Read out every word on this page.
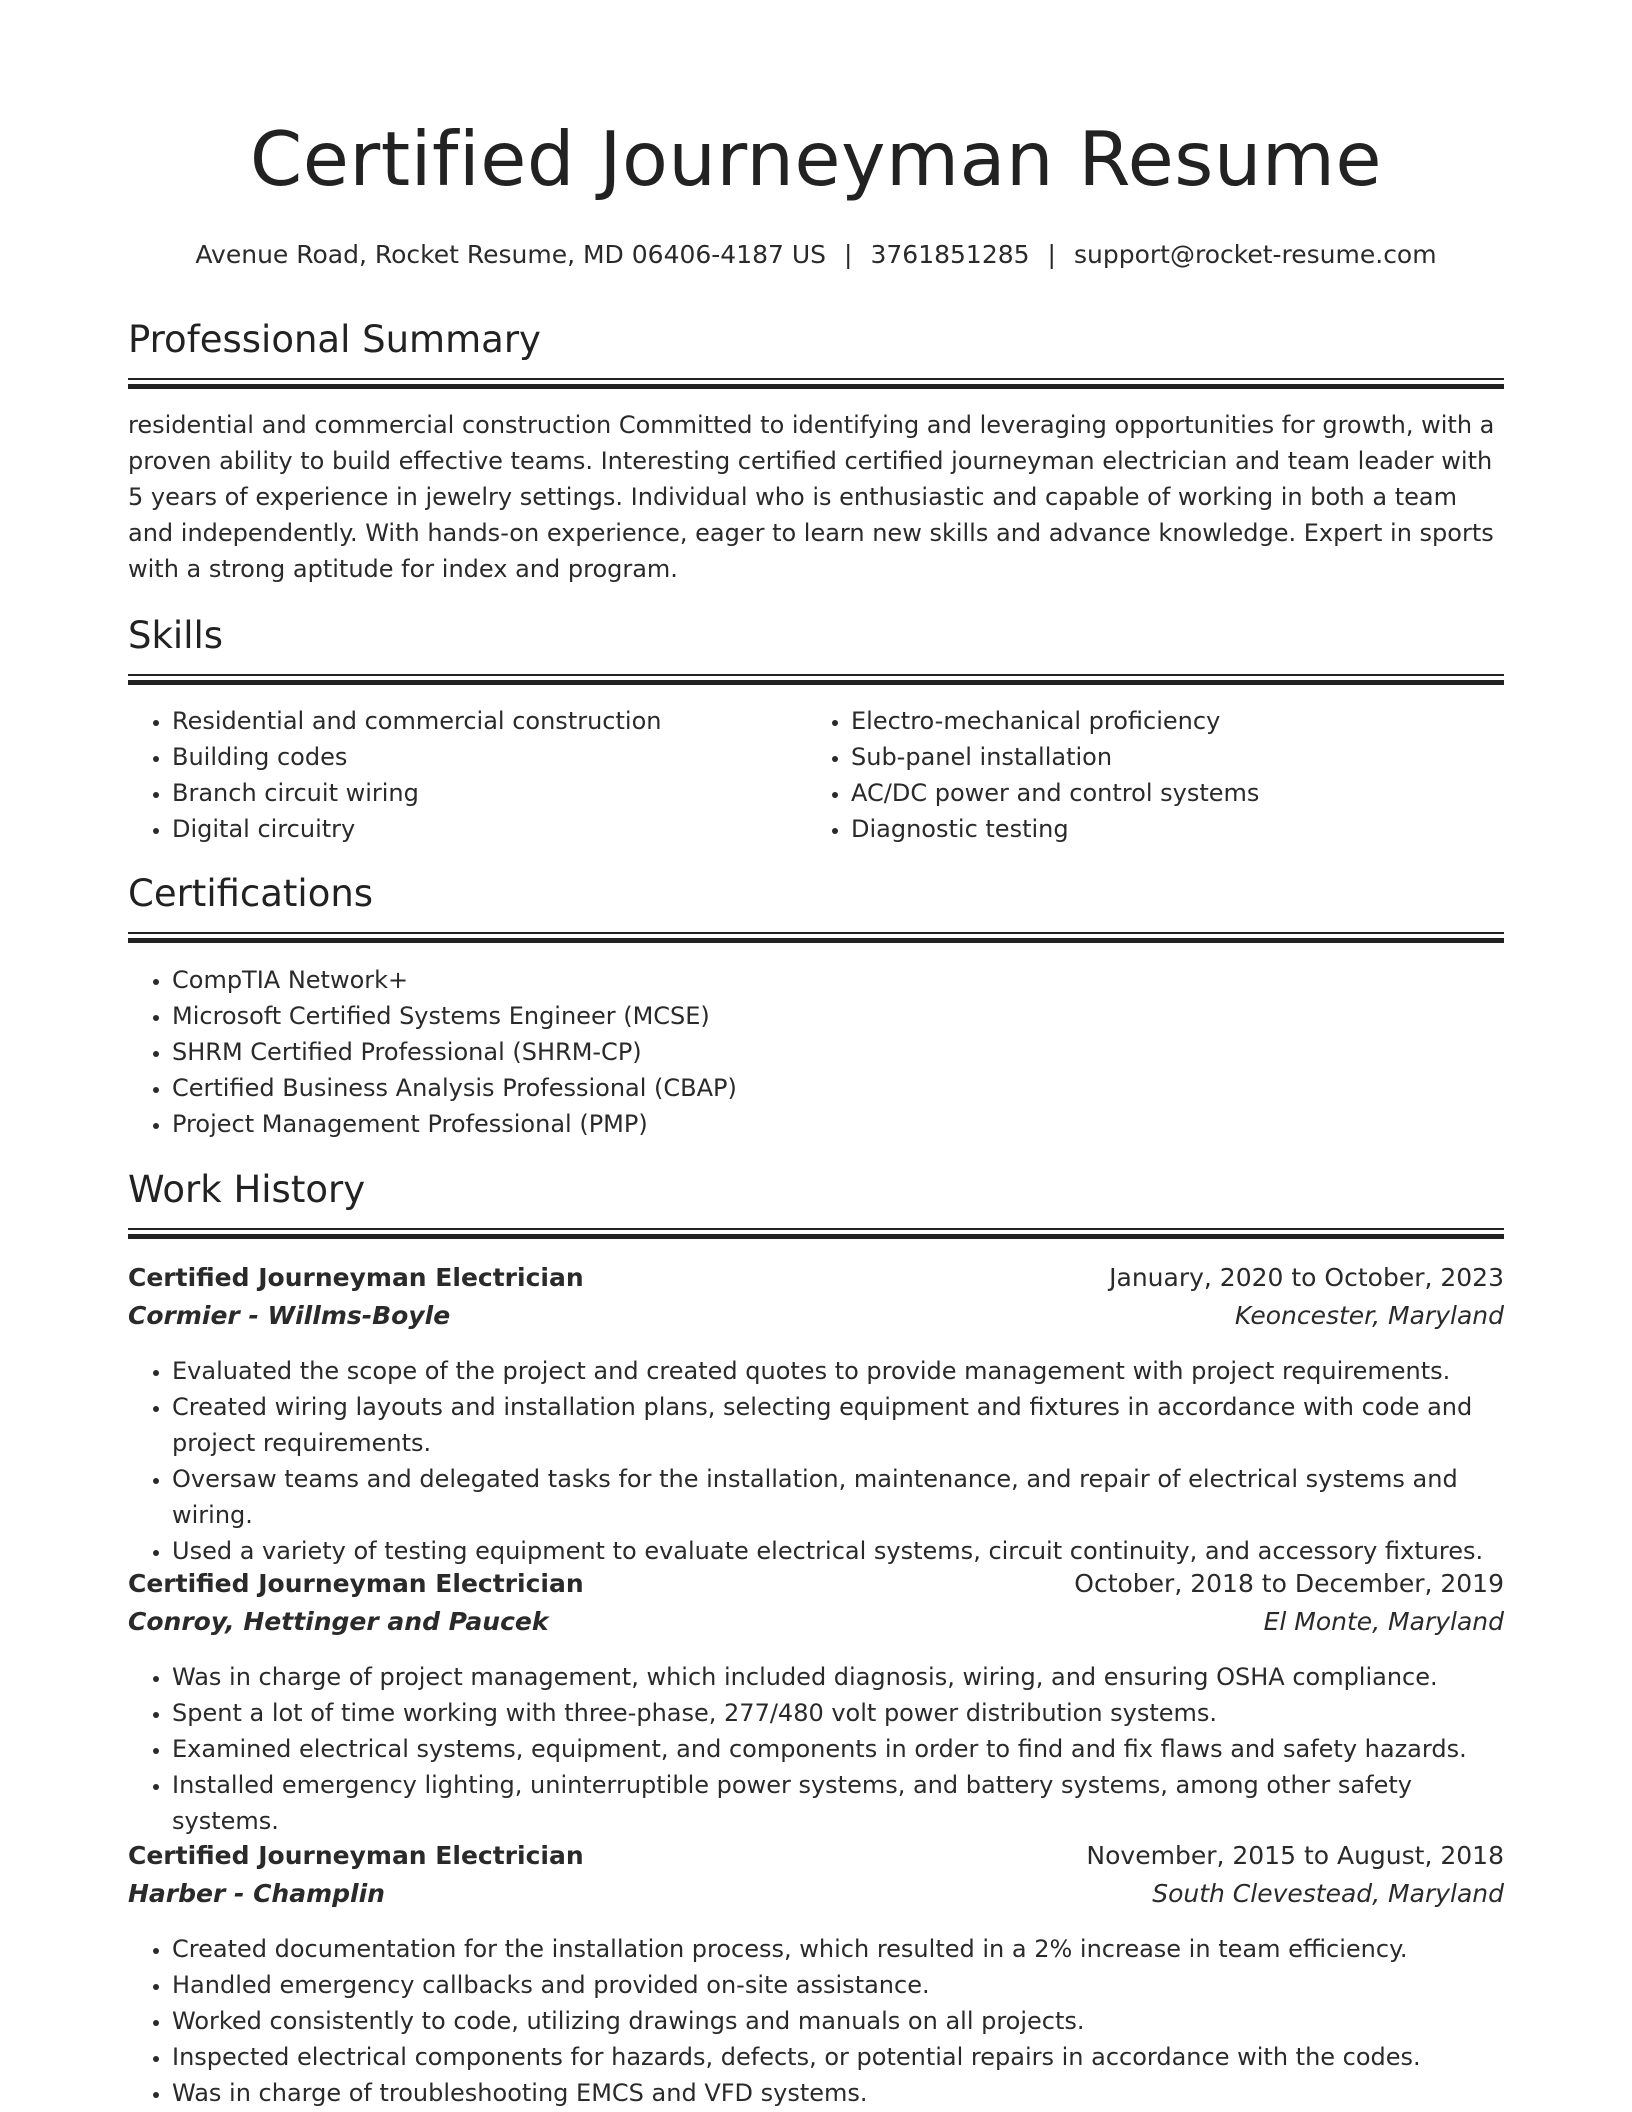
Certified Journeyman Resume
Avenue Road, Rocket Resume, MD 06406-4187 US | 3761851285 | support@rocket-resume.com
Professional Summary

residential and commercial construction Committed to identifying and leveraging opportunities for growth, with a proven ability to build effective teams. Interesting certified certified journeyman electrician and team leader with 5 years of experience in jewelry settings. Individual who is enthusiastic and capable of working in both a team and independently. With hands-on experience, eager to learn new skills and advance knowledge. Expert in sports with a strong aptitude for index and program.

Skills
• Residential and commercial construction
• Building codes
• Branch circuit wiring
• Digital circuitry
• Electro-mechanical proficiency
• Sub-panel installation
• AC/DC power and control systems
• Diagnostic testing
Certifications
• CompTIA Network+
• Microsoft Certified Systems Engineer (MCSE)
• SHRM Certified Professional (SHRM-CP)
• Certified Business Analysis Professional (CBAP)
• Project Management Professional (PMP)
Work History
Certified Journeyman Electrician	January, 2020 to October, 2023
Cormier - Willms-Boyle	Keoncester, Maryland
• Evaluated the scope of the project and created quotes to provide management with project requirements.
• Created wiring layouts and installation plans, selecting equipment and fixtures in accordance with code and project requirements.
• Oversaw teams and delegated tasks for the installation, maintenance, and repair of electrical systems and wiring.
• Used a variety of testing equipment to evaluate electrical systems, circuit continuity, and accessory fixtures.
Certified Journeyman Electrician	October, 2018 to December, 2019
Conroy, Hettinger and Paucek	El Monte, Maryland
• Was in charge of project management, which included diagnosis, wiring, and ensuring OSHA compliance.
• Spent a lot of time working with three-phase, 277/480 volt power distribution systems.
• Examined electrical systems, equipment, and components in order to find and fix flaws and safety hazards.
• Installed emergency lighting, uninterruptible power systems, and battery systems, among other safety systems.
Certified Journeyman Electrician	November, 2015 to August, 2018
Harber - Champlin	South Clevestead, Maryland
• Created documentation for the installation process, which resulted in a 2% increase in team efficiency.
• Handled emergency callbacks and provided on-site assistance.
• Worked consistently to code, utilizing drawings and manuals on all projects.
• Inspected electrical components for hazards, defects, or potential repairs in accordance with the codes.
• Was in charge of troubleshooting EMCS and VFD systems.
